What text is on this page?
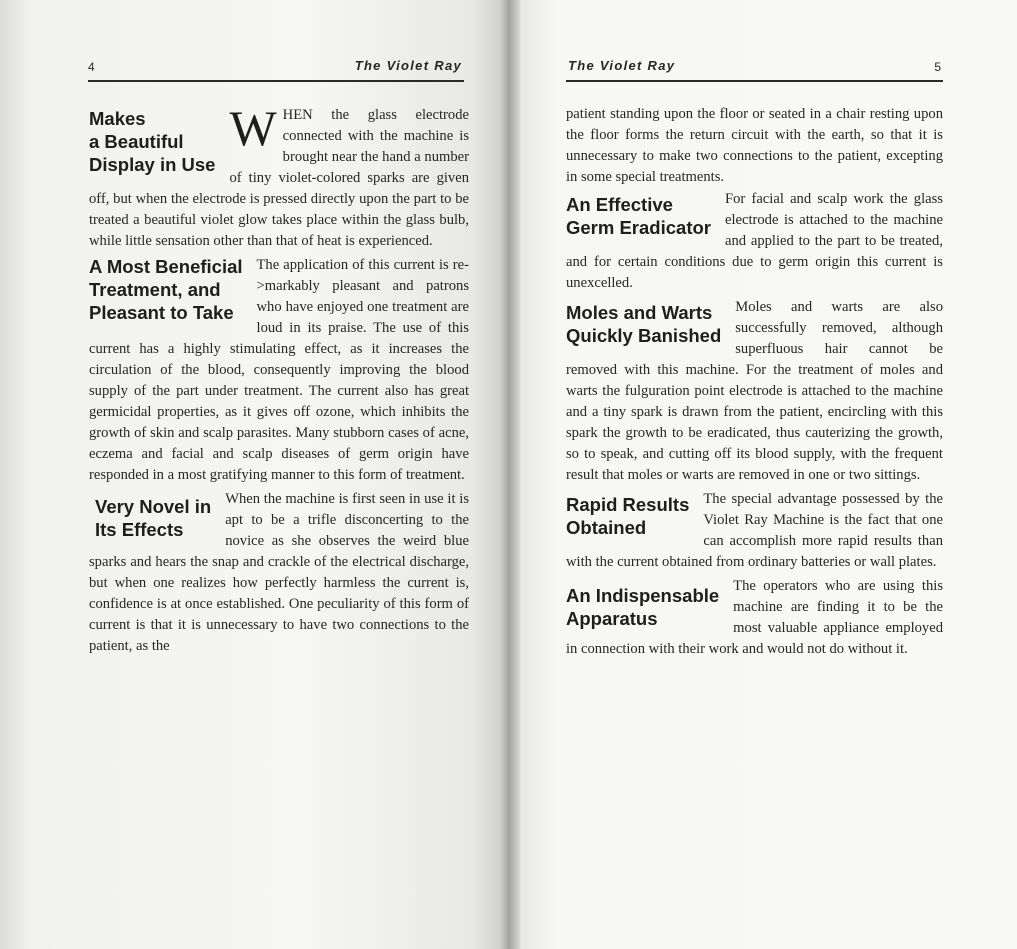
4	The Violet Ray
Makes
a Beautiful
Display in Use

WHEN the glass electrode connected with the machine is brought near the hand a number of tiny violet-colored sparks are given off, but when the electrode is pressed directly upon the part to be treated a beautiful violet glow takes place within the glass bulb, while little sensation other than that of heat is experienced.

A Most Beneficial
Treatment, and
Pleasant to Take

The application of this current is re>markably pleasant and patrons who have enjoyed one treatment are loud in its praise. The use of this current has a highly stimulating effect, as it increases the circulation of the blood, consequently improving the blood supply of the part under treatment. The current also has great germicidal properties, as it gives off ozone, which inhibits the growth of skin and scalp parasites. Many stubborn cases of acne, eczema and facial and scalp diseases of germ origin have responded in a most gratifying manner to this form of treatment.

Very Novel in
Its Effects

When the machine is first seen in use it is apt to be a trifle disconcerting to the novice as she observes the weird blue sparks and hears the snap and crackle of the electrical discharge, but when one realizes how perfectly harmless the current is, confidence is at once established. One peculiarity of this form of current is that it is unnecessary to have two connections to the patient, as the

The Violet Ray	5

patient standing upon the floor or seated in a chair resting upon the floor forms the return circuit with the earth, so that it is unnecessary to make two connections to the patient, excepting in some special treatments.

An Effective
Germ Eradicator

For facial and scalp work the glass electrode is attached to the machine and applied to the part to be treated, and for certain conditions due to germ origin this current is unexcelled.

Moles and Warts
Quickly Banished

Moles and warts are also successfully removed, although superfluous hair cannot be removed with this machine. For the treatment of moles and warts the fulguration point electrode is attached to the machine and a tiny spark is drawn from the patient, encircling with this spark the growth to be eradicated, thus cauterizing the growth, so to speak, and cutting off its blood supply, with the frequent result that moles or warts are removed in one or two sittings.

Rapid Results
Obtained

The special advantage possessed by the Violet Ray Machine is the fact that one can accomplish more rapid results than with the current obtained from ordinary batteries or wall plates.

An Indispensable
Apparatus

The operators who are using this machine are finding it to be the most valuable appliance employed in connection with their work and would not do without it.
